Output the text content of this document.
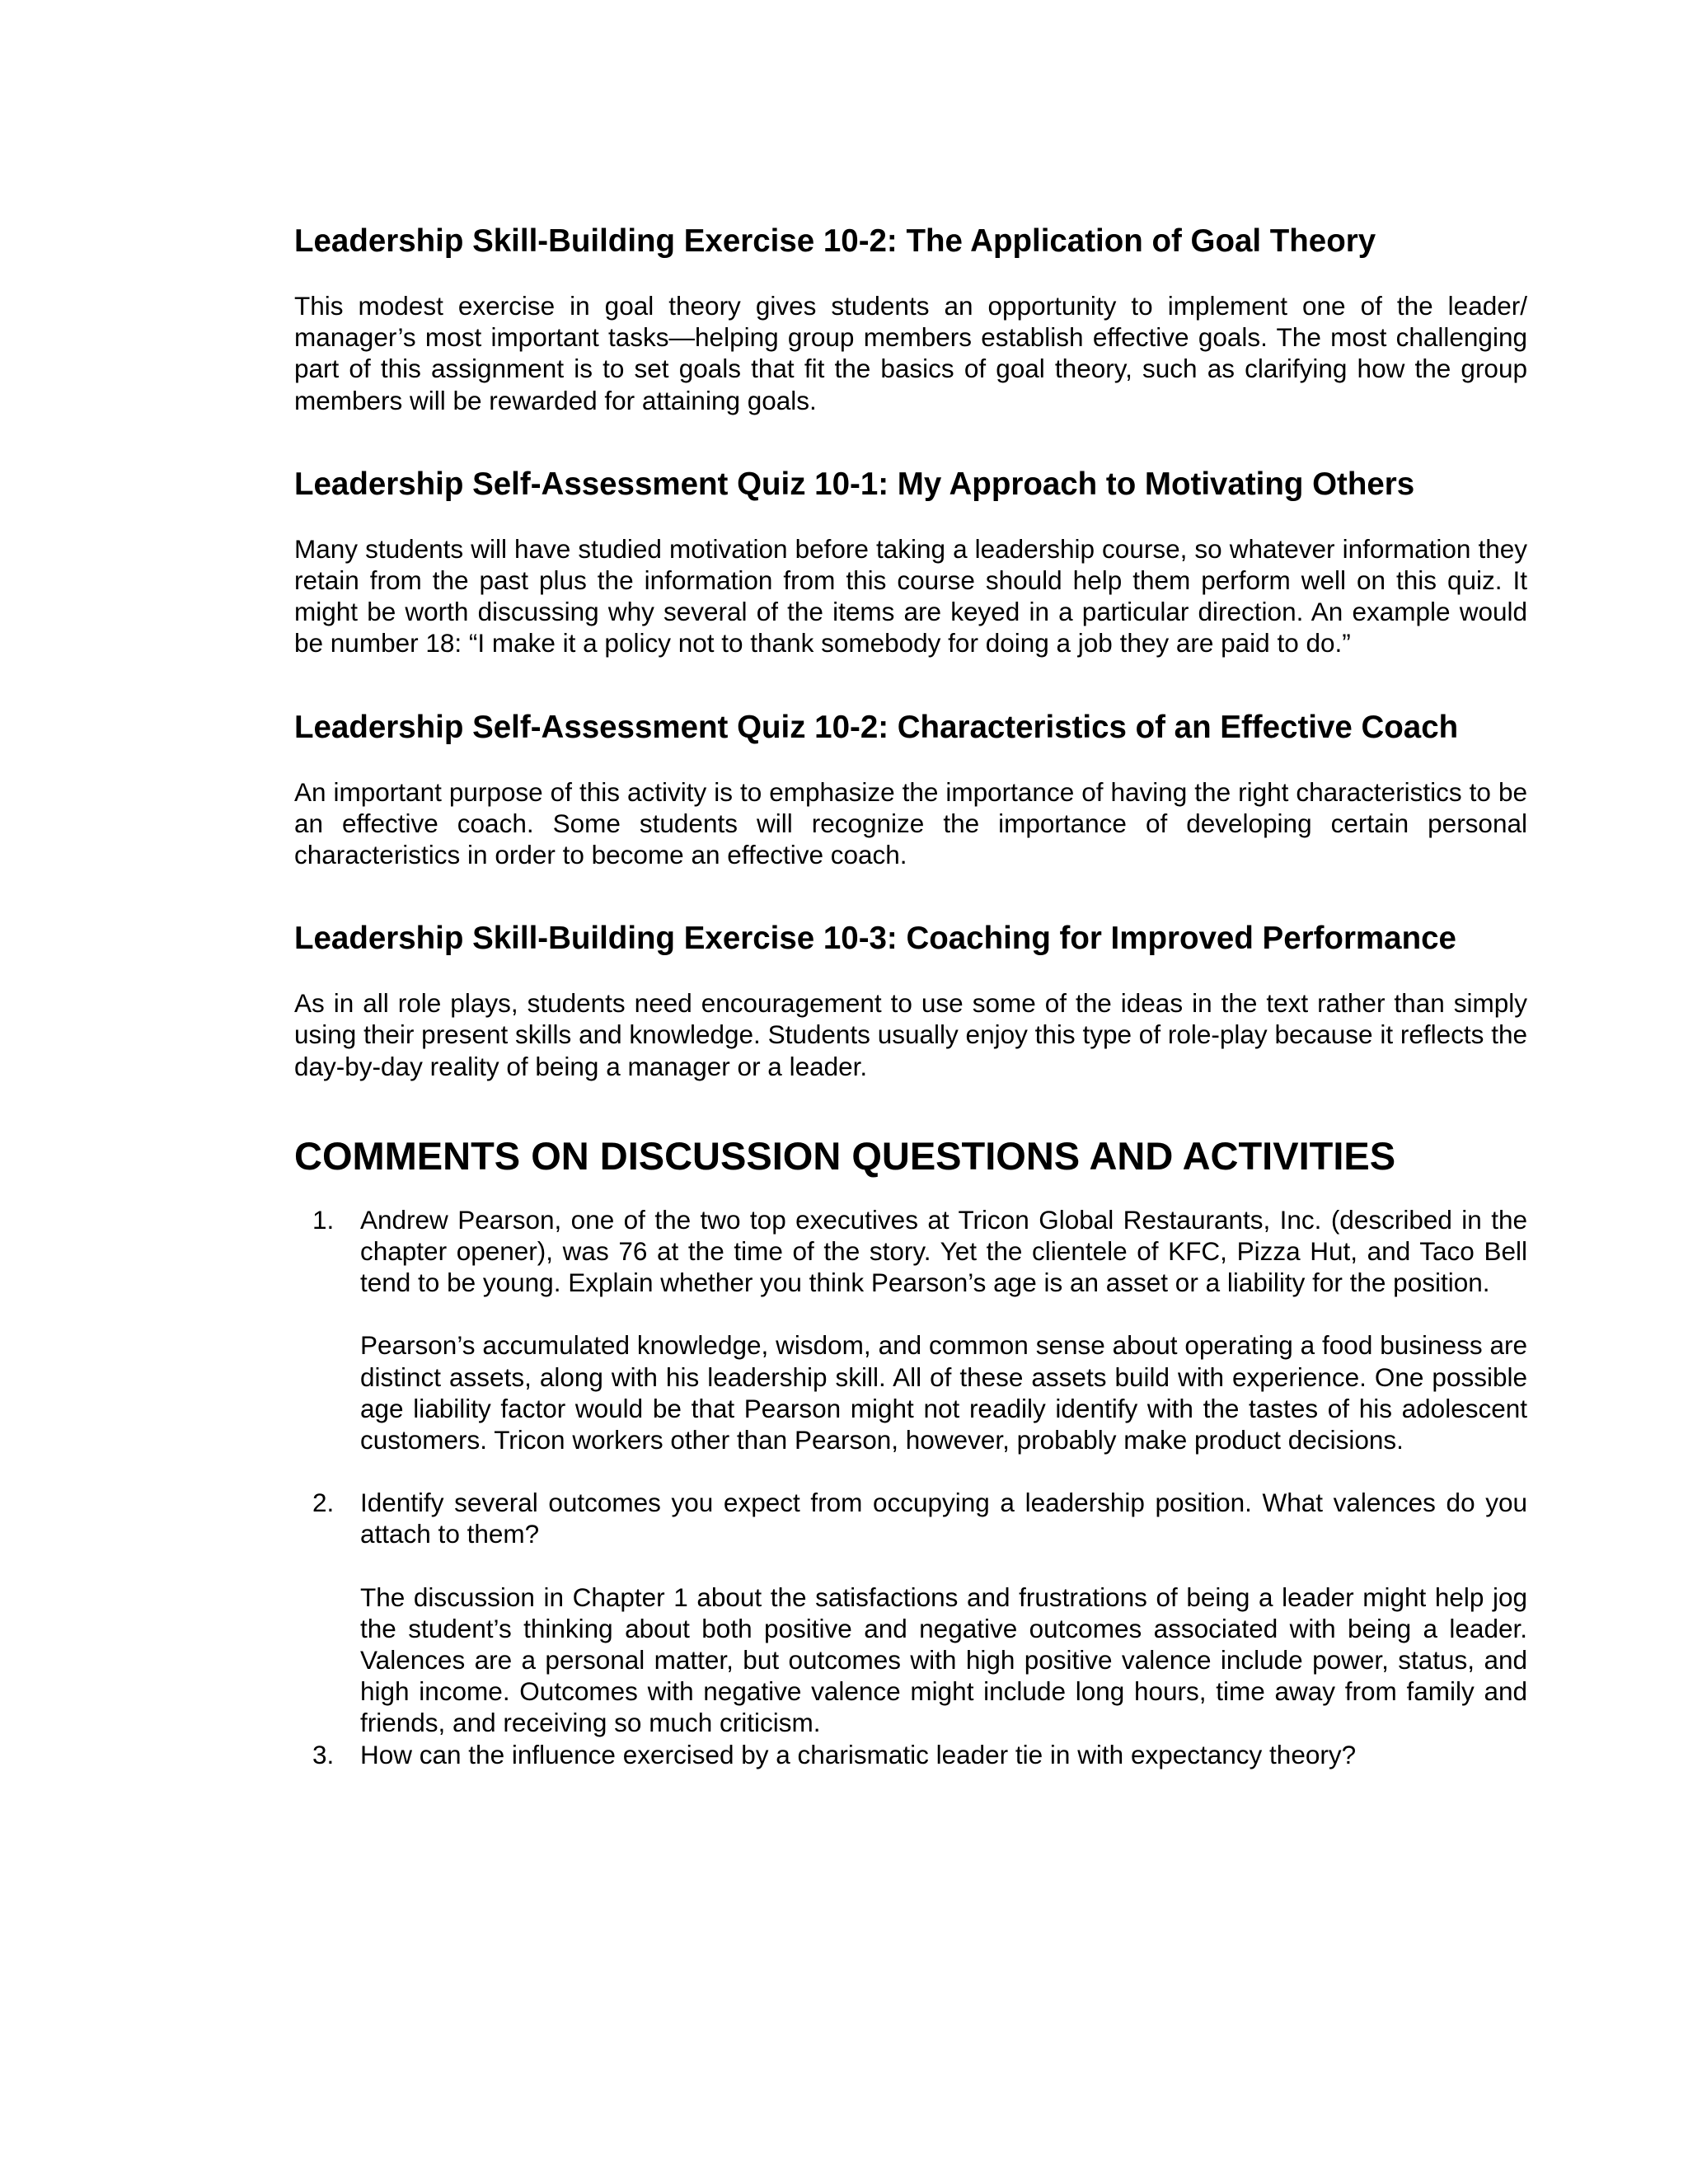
Leadership Skill-Building Exercise 10-2: The Application of Goal Theory

This modest exercise in goal theory gives students an opportunity to implement one of the leader/ manager’s most important tasks—helping group members establish effective goals. The most challenging part of this assignment is to set goals that fit the basics of goal theory, such as clarifying how the group members will be rewarded for attaining goals.

Leadership Self-Assessment Quiz 10-1: My Approach to Motivating Others

Many students will have studied motivation before taking a leadership course, so whatever information they retain from the past plus the information from this course should help them perform well on this quiz. It might be worth discussing why several of the items are keyed in a particular direction. An example would be number 18: “I make it a policy not to thank somebody for doing a job they are paid to do.”

Leadership Self-Assessment Quiz 10-2: Characteristics of an Effective Coach

An important purpose of this activity is to emphasize the importance of having the right characteristics to be an effective coach. Some students will recognize the importance of developing certain personal characteristics in order to become an effective coach.

Leadership Skill-Building Exercise 10-3: Coaching for Improved Performance

As in all role plays, students need encouragement to use some of the ideas in the text rather than simply using their present skills and knowledge. Students usually enjoy this type of role-play because it reflects the day-by-day reality of being a manager or a leader.

COMMENTS ON DISCUSSION QUESTIONS AND ACTIVITIES
1. Andrew Pearson, one of the two top executives at Tricon Global Restaurants, Inc. (described in the chapter opener), was 76 at the time of the story. Yet the clientele of KFC, Pizza Hut, and Taco Bell tend to be young. Explain whether you think Pearson’s age is an asset or a liability for the position.

Pearson’s accumulated knowledge, wisdom, and common sense about operating a food business are distinct assets, along with his leadership skill. All of these assets build with experience. One possible age liability factor would be that Pearson might not readily identify with the tastes of his adolescent customers. Tricon workers other than Pearson, however, probably make product decisions.

2. Identify several outcomes you expect from occupying a leadership position. What valences do you attach to them?

The discussion in Chapter 1 about the satisfactions and frustrations of being a leader might help jog the student’s thinking about both positive and negative outcomes associated with being a leader. Valences are a personal matter, but outcomes with high positive valence include power, status, and high income. Outcomes with negative valence might include long hours, time away from family and friends, and receiving so much criticism.

3. How can the influence exercised by a charismatic leader tie in with expectancy theory?
